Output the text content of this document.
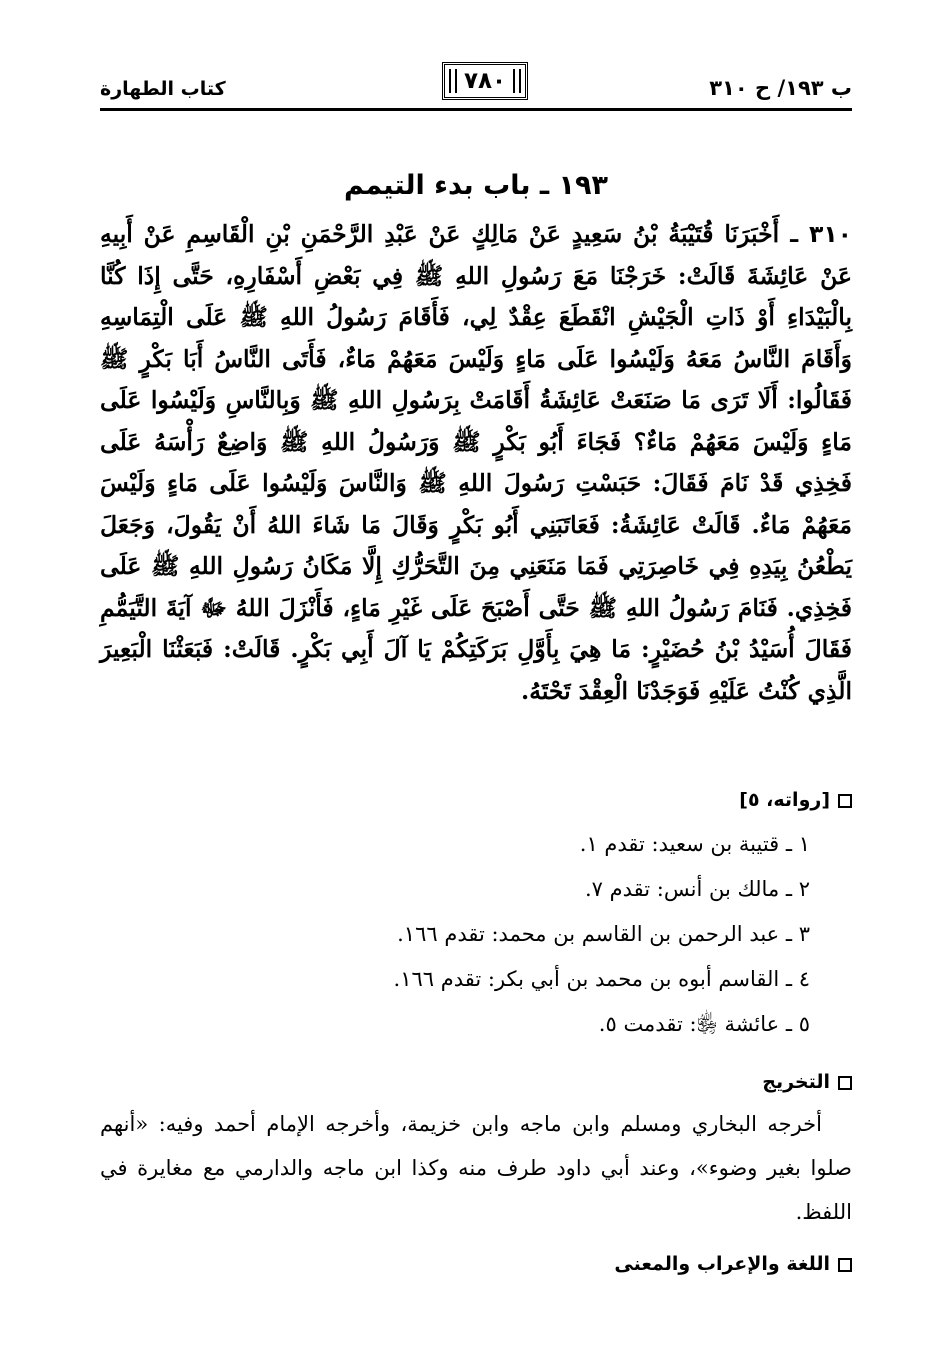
ب ١٩٣/ ح ٣١٠
٧٨٠
كتاب الطهارة
١٩٣ ـ باب بدء التيمم

٣١٠ ـ أَخْبَرَنَا قُتَيْبَةُ بْنُ سَعِيدٍ عَنْ مَالِكٍ عَنْ عَبْدِ الرَّحْمَنِ بْنِ الْقَاسِمِ عَنْ أَبِيهِ عَنْ عَائِشَةَ قَالَتْ: خَرَجْنَا مَعَ رَسُولِ اللهِ ﷺ فِي بَعْضِ أَسْفَارِهِ، حَتَّى إِذَا كُنَّا بِالْبَيْدَاءِ أَوْ ذَاتِ الْجَيْشِ انْقَطَعَ عِقْدٌ لِي، فَأَقَامَ رَسُولُ اللهِ ﷺ عَلَى الْتِمَاسِهِ وَأَقَامَ النَّاسُ مَعَهُ وَلَيْسُوا عَلَى مَاءٍ وَلَيْسَ مَعَهُمْ مَاءٌ، فَأَتَى النَّاسُ أَبَا بَكْرٍ ﷺ فَقَالُوا: أَلَا تَرَى مَا صَنَعَتْ عَائِشَةُ أَقَامَتْ بِرَسُولِ اللهِ ﷺ وَبِالنَّاسِ وَلَيْسُوا عَلَى مَاءٍ وَلَيْسَ مَعَهُمْ مَاءٌ؟ فَجَاءَ أَبُو بَكْرٍ ﷺ وَرَسُولُ اللهِ ﷺ وَاضِعٌ رَأْسَهُ عَلَى فَخِذِي قَدْ نَامَ فَقَالَ: حَبَسْتِ رَسُولَ اللهِ ﷺ وَالنَّاسَ وَلَيْسُوا عَلَى مَاءٍ وَلَيْسَ مَعَهُمْ مَاءٌ. قَالَتْ عَائِشَةُ: فَعَاتَبَنِي أَبُو بَكْرٍ وَقَالَ مَا شَاءَ اللهُ أَنْ يَقُولَ، وَجَعَلَ يَطْعُنُ بِيَدِهِ فِي خَاصِرَتِي فَمَا مَنَعَنِي مِنَ التَّحَرُّكِ إِلَّا مَكَانُ رَسُولِ اللهِ ﷺ عَلَى فَخِذِي. فَنَامَ رَسُولُ اللهِ ﷺ حَتَّى أَصْبَحَ عَلَى غَيْرِ مَاءٍ، فَأَنْزَلَ اللهُ ﷻ آيَةَ التَّيَمُّمِ فَقَالَ أُسَيْدُ بْنُ حُضَيْرٍ: مَا هِيَ بِأَوَّلِ بَرَكَتِكُمْ يَا آلَ أَبِي بَكْرٍ. قَالَتْ: فَبَعَثْنَا الْبَعِيرَ الَّذِي كُنْتُ عَلَيْهِ فَوَجَدْنَا الْعِقْدَ تَحْتَهُ.

[رواته، ٥]
١ ـ قتيبة بن سعيد: تقدم ١.
٢ ـ مالك بن أنس: تقدم ٧.
٣ ـ عبد الرحمن بن القاسم بن محمد: تقدم ١٦٦.
٤ ـ القاسم أبوه بن محمد بن أبي بكر: تقدم ١٦٦.
٥ ـ عائشة ﵂: تقدمت ٥.
التخريج

أخرجه البخاري ومسلم وابن ماجه وابن خزيمة، وأخرجه الإمام أحمد وفيه: «أنهم صلوا بغير وضوء»، وعند أبي داود طرف منه وكذا ابن ماجه والدارمي مع مغايرة في اللفظ.

اللغة والإعراب والمعنى
